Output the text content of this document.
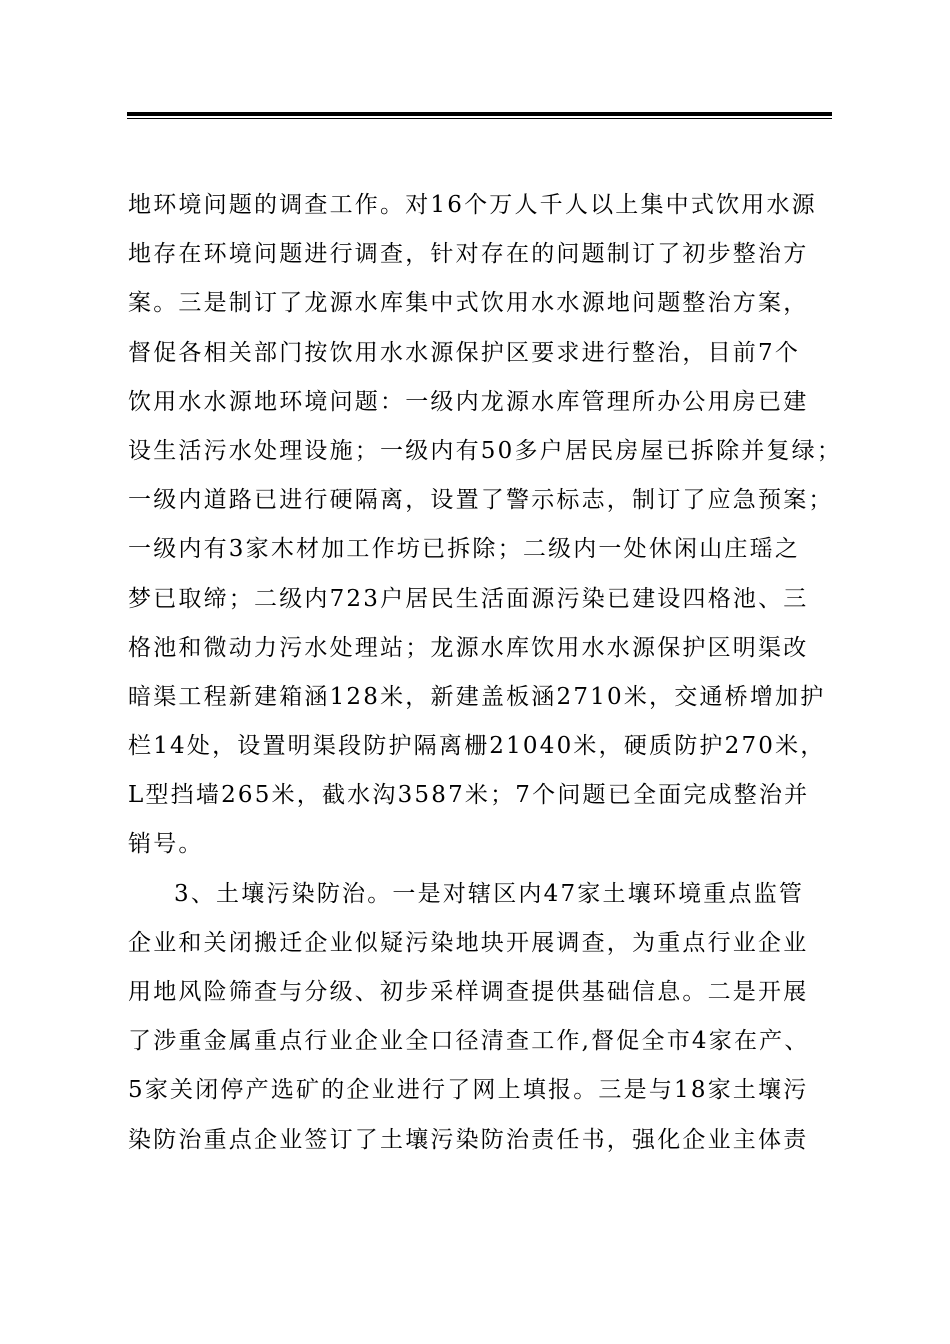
地环境问题的调查工作。对16个万人千人以上集中式饮用水源
地存在环境问题进行调查，针对存在的问题制订了初步整治方
案。三是制订了龙源水库集中式饮用水水源地问题整治方案，
督促各相关部门按饮用水水源保护区要求进行整治，目前7个
饮用水水源地环境问题：一级内龙源水库管理所办公用房已建
设生活污水处理设施；一级内有50多户居民房屋已拆除并复绿；
一级内道路已进行硬隔离，设置了警示标志，制订了应急预案；
一级内有3家木材加工作坊已拆除；二级内一处休闲山庄瑶之
梦已取缔；二级内723户居民生活面源污染已建设四格池、三
格池和微动力污水处理站；龙源水库饮用水水源保护区明渠改
暗渠工程新建箱涵128米，新建盖板涵2710米，交通桥增加护
栏14处，设置明渠段防护隔离栅21040米，硬质防护270米，
L型挡墙265米，截水沟3587米；7个问题已全面完成整治并
销号。
3、土壤污染防治。一是对辖区内47家土壤环境重点监管
企业和关闭搬迁企业似疑污染地块开展调查，为重点行业企业
用地风险筛查与分级、初步采样调查提供基础信息。二是开展
了涉重金属重点行业企业全口径清查工作,督促全市4家在产、
5家关闭停产选矿的企业进行了网上填报。三是与18家土壤污
染防治重点企业签订了土壤污染防治责任书，强化企业主体责
